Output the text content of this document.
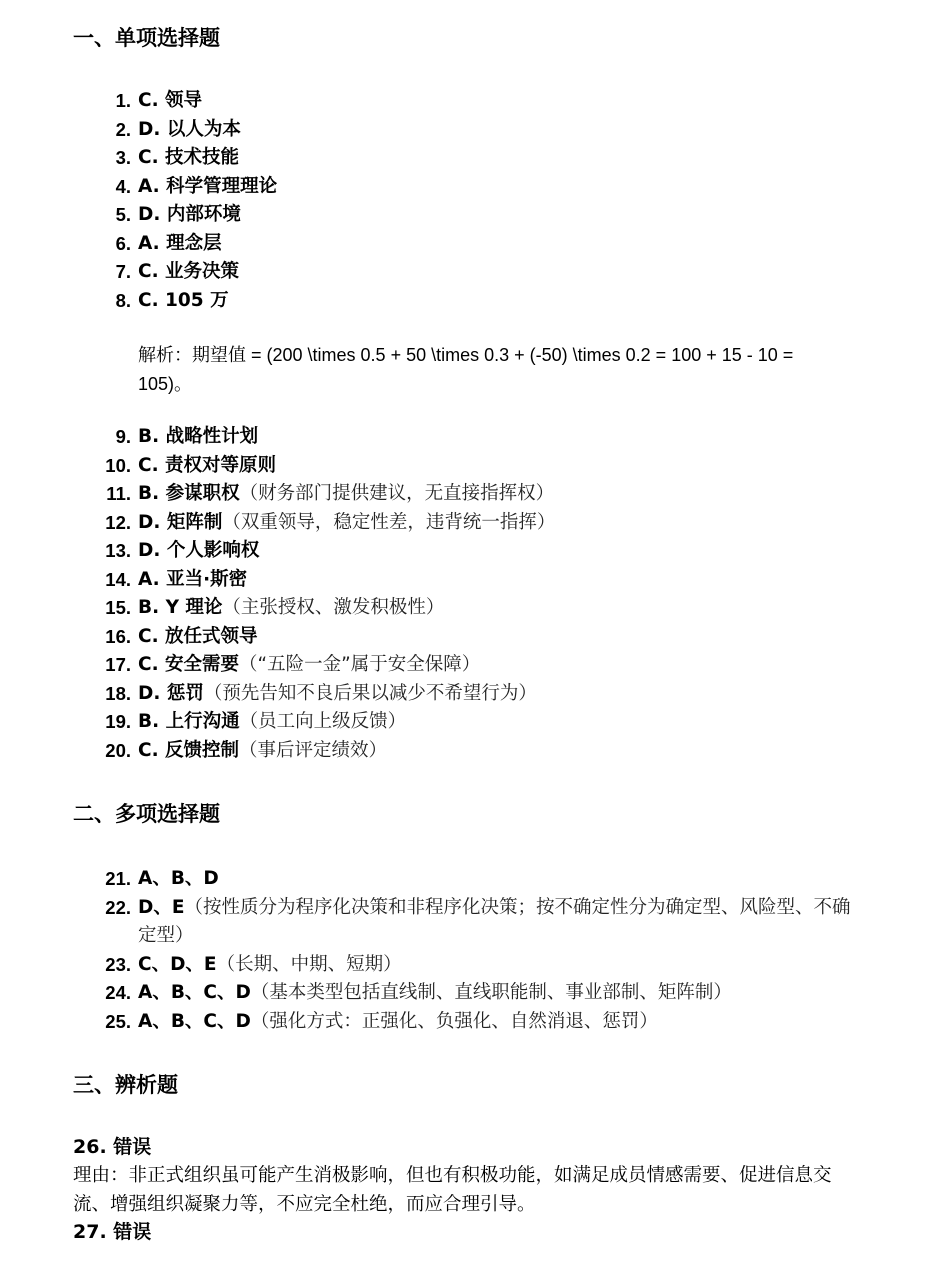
一、单项选择题
1. C. 领导
2. D. 以人为本
3. C. 技术技能
4. A. 科学管理理论
5. D. 内部环境
6. A. 理念层
7. C. 业务决策
8. C. 105 万
解析：期望值 = (200 \times 0.5 + 50 \times 0.3 + (-50) \times 0.2 = 100 + 15 - 10 = 105)。
9. B. 战略性计划
10. C. 责权对等原则
11. B. 参谋职权（财务部门提供建议，无直接指挥权）
12. D. 矩阵制（双重领导，稳定性差，违背统一指挥）
13. D. 个人影响权
14. A. 亚当·斯密
15. B. Y 理论（主张授权、激发积极性）
16. C. 放任式领导
17. C. 安全需要（“五险一金”属于安全保障）
18. D. 惩罚（预先告知不良后果以减少不希望行为）
19. B. 上行沟通（员工向上级反馈）
20. C. 反馈控制（事后评定绩效）
二、多项选择题
21. A、B、D
22. D、E（按性质分为程序化决策和非程序化决策；按不确定性分为确定型、风险型、不确定型）
23. C、D、E（长期、中期、短期）
24. A、B、C、D（基本类型包括直线制、直线职能制、事业部制、矩阵制）
25. A、B、C、D（强化方式：正强化、负强化、自然消退、惩罚）
三、辨析题
26. 错误
理由：非正式组织虽可能产生消极影响，但也有积极功能，如满足成员情感需要、促进信息交流、增强组织凝聚力等，不应完全杜绝，而应合理引导。
27. 错误
